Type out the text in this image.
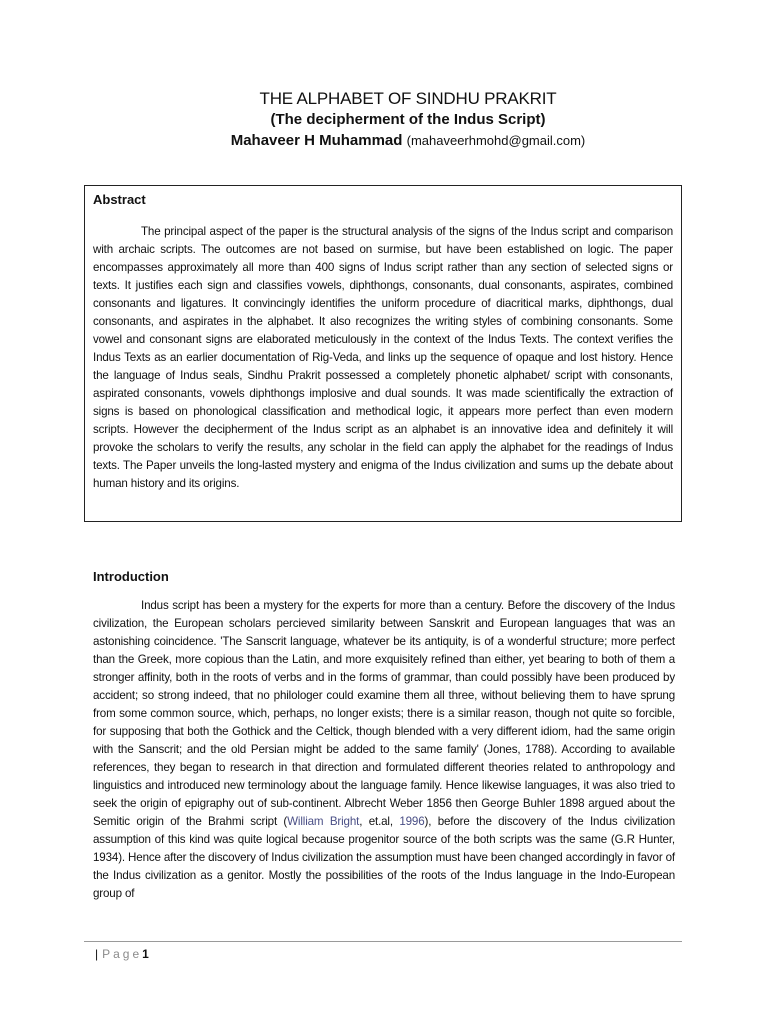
THE ALPHABET OF SINDHU PRAKRIT
(The decipherment of the Indus Script)
Mahaveer H Muhammad (mahaveerhmohd@gmail.com)
Abstract

The principal aspect of the paper is the structural analysis of the signs of the Indus script and comparison with archaic scripts. The outcomes are not based on surmise, but have been established on logic. The paper encompasses approximately all more than 400 signs of Indus script rather than any section of selected signs or texts. It justifies each sign and classifies vowels, diphthongs, consonants, dual consonants, aspirates, combined consonants and ligatures. It convincingly identifies the uniform procedure of diacritical marks, diphthongs, dual consonants, and aspirates in the alphabet. It also recognizes the writing styles of combining consonants. Some vowel and consonant signs are elaborated meticulously in the context of the Indus Texts. The context verifies the Indus Texts as an earlier documentation of Rig-Veda, and links up the sequence of opaque and lost history. Hence the language of Indus seals, Sindhu Prakrit possessed a completely phonetic alphabet/ script with consonants, aspirated consonants, vowels diphthongs implosive and dual sounds. It was made scientifically the extraction of signs is based on phonological classification and methodical logic, it appears more perfect than even modern scripts. However the decipherment of the Indus script as an alphabet is an innovative idea and definitely it will provoke the scholars to verify the results, any scholar in the field can apply the alphabet for the readings of Indus texts. The Paper unveils the long-lasted mystery and enigma of the Indus civilization and sums up the debate about human history and its origins.

Introduction

Indus script has been a mystery for the experts for more than a century. Before the discovery of the Indus civilization, the European scholars percieved similarity between Sanskrit and European languages that was an astonishing coincidence. 'The Sanscrit language, whatever be its antiquity, is of a wonderful structure; more perfect than the Greek, more copious than the Latin, and more exquisitely refined than either, yet bearing to both of them a stronger affinity, both in the roots of verbs and in the forms of grammar, than could possibly have been produced by accident; so strong indeed, that no philologer could examine them all three, without believing them to have sprung from some common source, which, perhaps, no longer exists; there is a similar reason, though not quite so forcible, for supposing that both the Gothick and the Celtick, though blended with a very different idiom, had the same origin with the Sanscrit; and the old Persian might be added to the same family' (Jones, 1788). According to available references, they began to research in that direction and formulated different theories related to anthropology and linguistics and introduced new terminology about the language family. Hence likewise languages, it was also tried to seek the origin of epigraphy out of sub-continent. Albrecht Weber 1856 then George Buhler 1898 argued about the Semitic origin of the Brahmi script (William Bright, et.al, 1996), before the discovery of the Indus civilization assumption of this kind was quite logical because progenitor source of the both scripts was the same (G.R Hunter, 1934). Hence after the discovery of Indus civilization the assumption must have been changed accordingly in favor of the Indus civilization as a genitor. Mostly the possibilities of the roots of the Indus language in the Indo-European group of

| Page1
